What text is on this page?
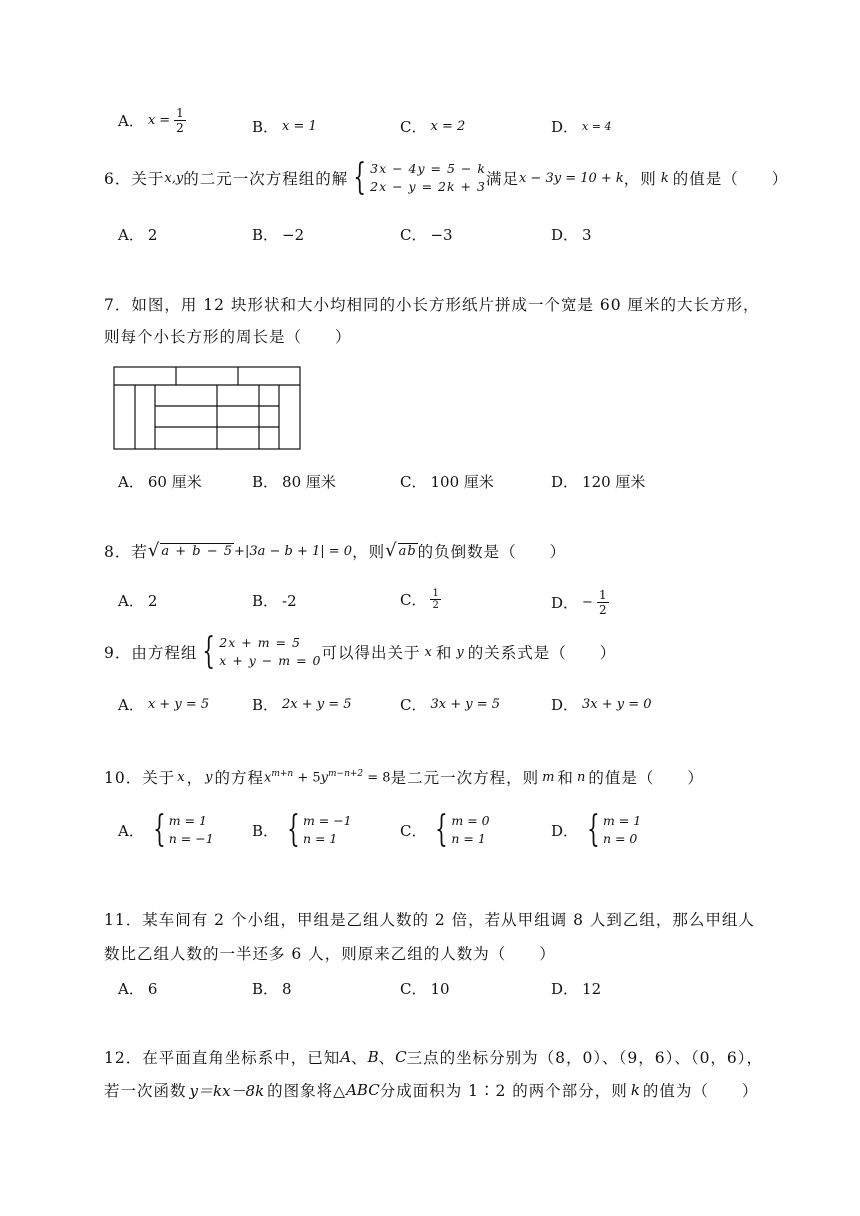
A． $x = \frac{1}{2}$	B． x = 1	C． x = 2	D． x = 4
6． 关于 x,y 的二元一次方程组的解 { 3x − 4y = 5 − k
2x − y = 2k + 3 满足 x − 3y = 10 + k ，则 k 的值是（　　）
A． 2	B． −2	C． −3	D． 3
7．如图，用 12 块形状和大小均相同的小长方形纸片拼成一个宽是 60 厘米的大长方形，
则每个小长方形的周长是（　　）
A． 60 厘米	B． 80 厘米	C． 100 厘米	D． 120 厘米
8． 若 √ a + b − 5 + |3a − b + 1| = 0 ，则 √ ab 的负倒数是（　　）
A． 2	B． -2	C． $\frac{1}{2}$	D． − $\frac{1}{2}$
9． 由方程组 { 2x + m = 5
x + y − m = 0 可以得出关于 x 和 y 的关系式是（　　）
A． x + y = 5	B． 2x + y = 5	C． 3x + y = 5	D． 3x + y = 0
10． 关于 x ， y 的方程 $x^{m+n} + 5y^{m-n+2} = 8$ 是二元一次方程，则 m 和 n 的值是（　　）
A． { m = 1
n = −1	B． { m = −1
n = 1	C． { m = 0
n = 1	D． { m = 1
n = 0
11．某车间有 2 个小组，甲组是乙组人数的 2 倍，若从甲组调 8 人到乙组，那么甲组人
数比乙组人数的一半还多 6 人，则原来乙组的人数为（　　）
A． 6	B． 8	C． 10	D． 12
12．在平面直角坐标系中，已知 A 、 B 、 C 三点的坐标分别为（8，0）、（9，6）、（0，6），
若一次函数 y＝kx－8k 的图象将△ ABC 分成面积为 1∶2 的两个部分，则 k 的值为（　　）
